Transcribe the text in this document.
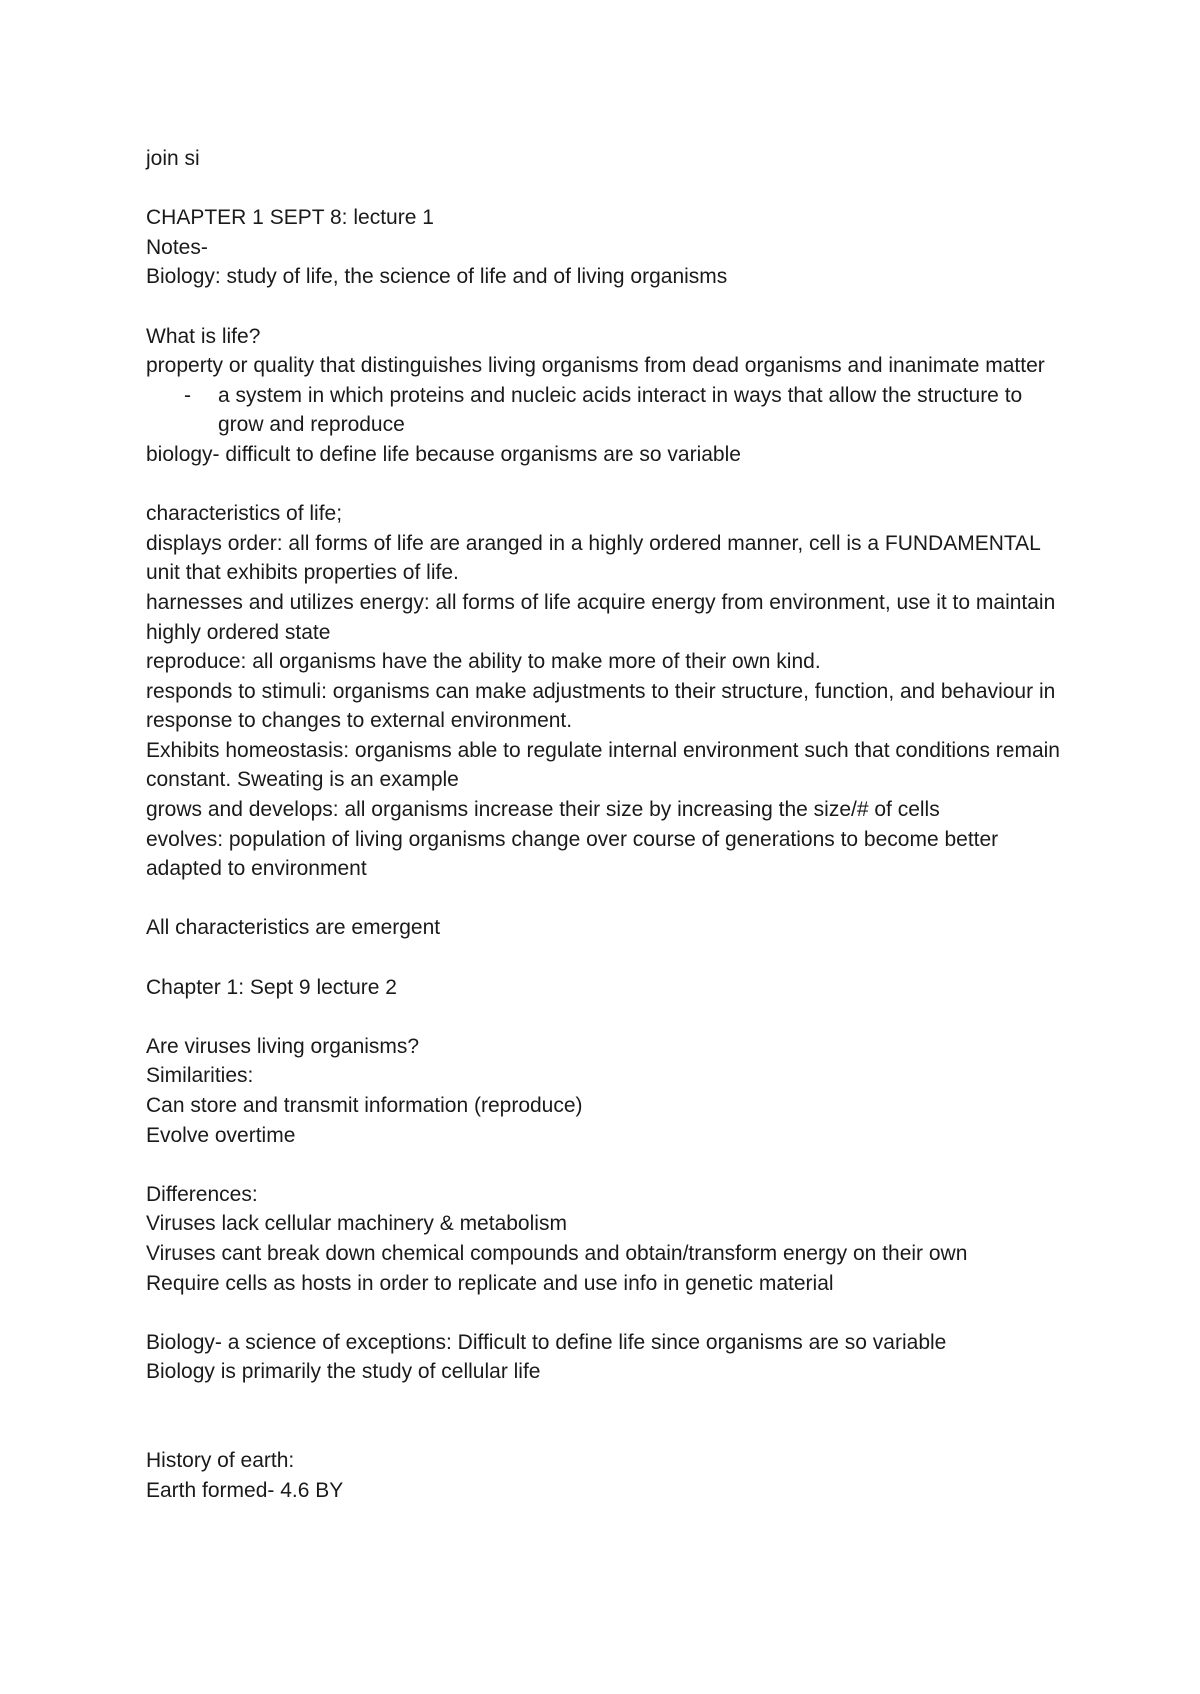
join si
CHAPTER 1 SEPT 8: lecture 1
Notes-
Biology: study of life, the science of life and of living organisms
What is life?
property or quality that distinguishes living organisms from dead organisms and inanimate matter
- a system in which proteins and nucleic acids interact in ways that allow the structure to grow and reproduce
biology- difficult to define life because organisms are so variable
characteristics of life;
displays order: all forms of life are aranged in a highly ordered manner, cell is a FUNDAMENTAL unit that exhibits properties of life.
harnesses and utilizes energy: all forms of life acquire energy from environment, use it to maintain highly ordered state
reproduce: all organisms have the ability to make more of their own kind.
responds to stimuli: organisms can make adjustments to their structure, function, and behaviour in response to changes to external environment.
Exhibits homeostasis: organisms able to regulate internal environment such that conditions remain constant. Sweating is an example
grows and develops: all organisms increase their size by increasing the size/# of cells
evolves: population of living organisms change over course of generations to become better adapted to environment
All characteristics are emergent
Chapter 1: Sept 9 lecture 2
Are viruses living organisms?
Similarities:
Can store and transmit information (reproduce)
Evolve overtime
Differences:
Viruses lack cellular machinery & metabolism
Viruses cant break down chemical compounds and obtain/transform energy on their own
Require cells as hosts in order to replicate and use info in genetic material
Biology- a science of exceptions: Difficult to define life since organisms are so variable
Biology is primarily the study of cellular life
History of earth:
Earth formed- 4.6 BY
